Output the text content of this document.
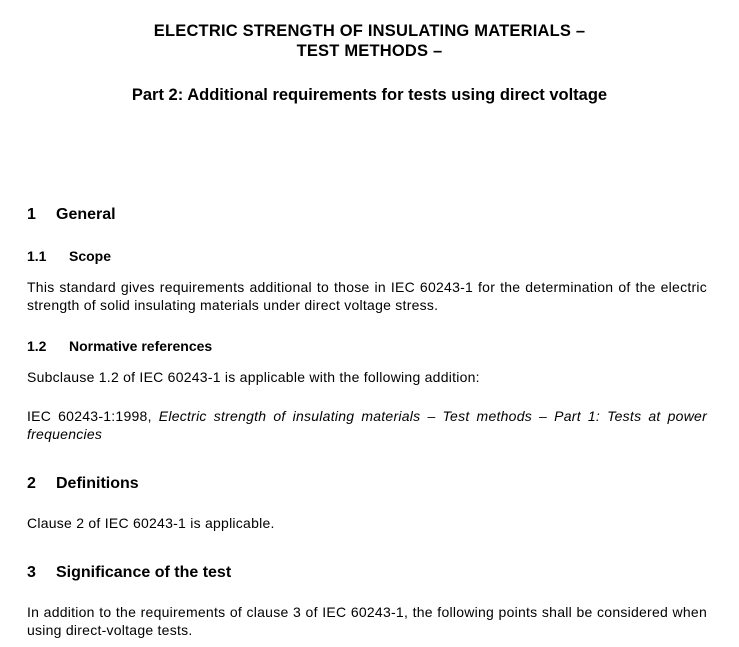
ELECTRIC STRENGTH OF INSULATING MATERIALS –
TEST METHODS –
Part 2: Additional requirements for tests using direct voltage
1 General
1.1 Scope
This standard gives requirements additional to those in IEC 60243-1 for the determination of the electric strength of solid insulating materials under direct voltage stress.
1.2 Normative references
Subclause 1.2 of IEC 60243-1 is applicable with the following addition:
IEC 60243-1:1998, Electric strength of insulating materials – Test methods – Part 1: Tests at power frequencies
2 Definitions
Clause 2 of IEC 60243-1 is applicable.
3 Significance of the test
In addition to the requirements of clause 3 of IEC 60243-1, the following points shall be considered when using direct-voltage tests.
